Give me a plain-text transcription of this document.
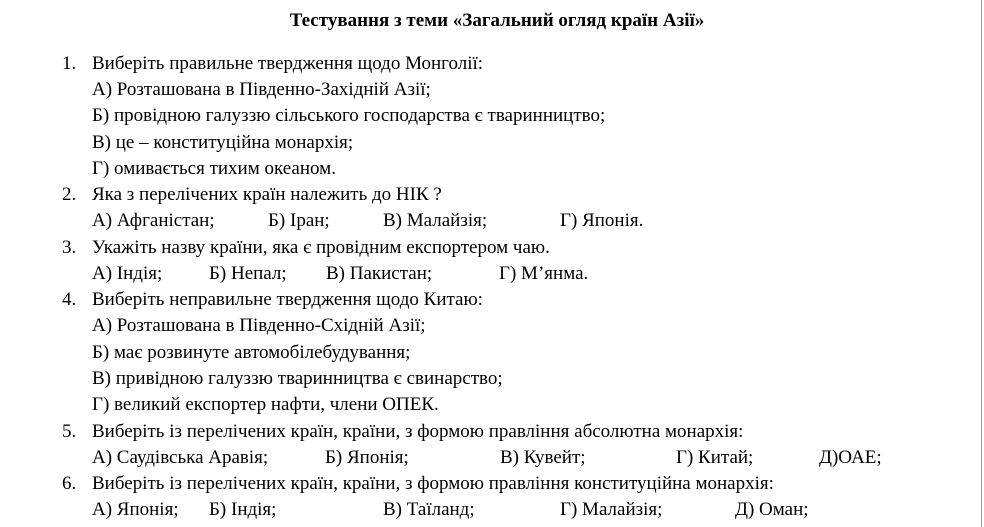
Тестування з теми «Загальний огляд країн Азії»
1. Виберіть правильне твердження щодо Монголії:
А) Розташована в Південно-Західній Азії;
Б) провідною галуззю сільського господарства є тваринництво;
В) це – конституційна монархія;
Г) омивається тихим океаном.
2. Яка з перелічених країн належить до НІК ?
А) Афганістан;	Б) Іран;	В) Малайзія;	Г) Японія.
3. Укажіть назву країни, яка є провідним експортером чаю.
А) Індія; Б) Непал; В) Пакистан;	Г) М’янма.
4. Виберіть неправильне твердження щодо Китаю:
А) Розташована в Південно-Східній Азії;
Б) має розвинуте автомобілебудування;
В) привідною галуззю тваринництва є свинарство;
Г) великий експортер нафти, члени ОПЕК.
5. Виберіть із перелічених країн, країни, з формою правління абсолютна монархія:
А) Саудівська Аравія;	Б) Японія;	В) Кувейт;	Г) Китай;	Д)ОАЕ;
6. Виберіть із перелічених країн, країни, з формою правління конституційна монархія:
А) Японія; Б) Індія;	В) Таїланд;	Г) Малайзія;	Д) Оман;
